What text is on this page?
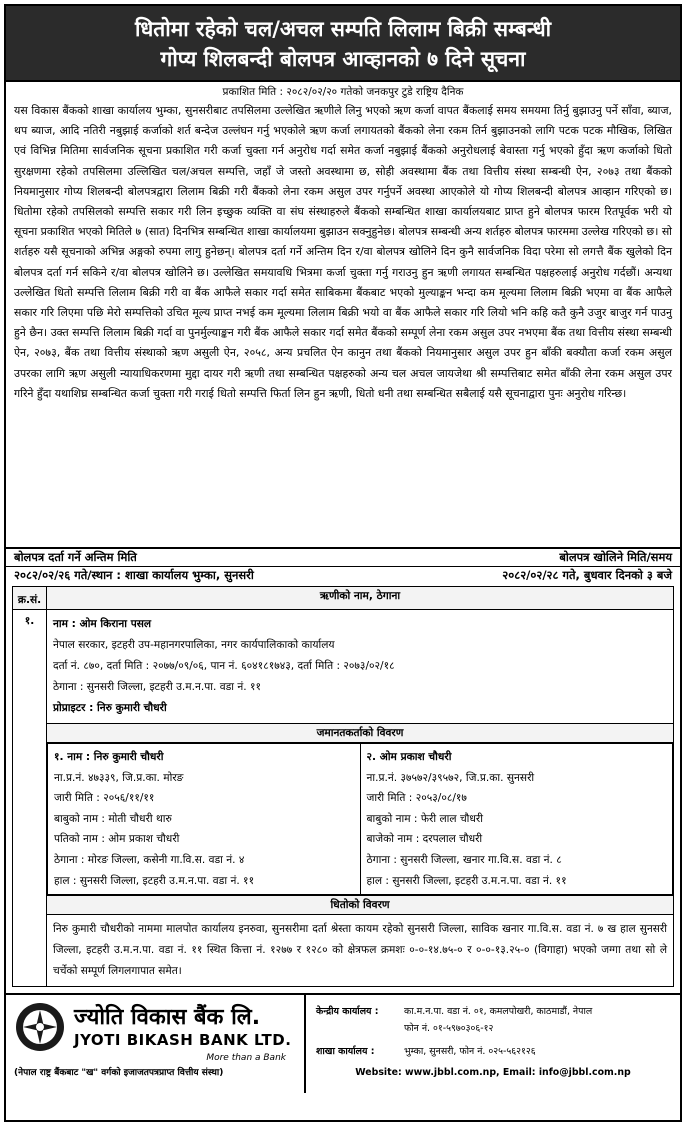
धितोमा रहेको चल/अचल सम्पति लिलाम बिक्री सम्बन्धी
गोप्य शिलबन्दी बोलपत्र आव्हानको ७ दिने सूचना
प्रकाशित मिति : २०८२/०२/२० गतेको जनकपुर टुडे राष्ट्रिय दैनिक
यस विकास बैंकको शाखा कार्यालय भुम्का, सुनसरीबाट तपसिलमा उल्लेखित ऋणीले लिनु भएको ऋण कर्जा वापत बैंकलाई समय समयमा तिर्नु बुझाउनु पर्ने साँवा, ब्याज, थप ब्याज, आदि नतिरी नबुझाई कर्जाको शर्त बन्देज उल्लंघन गर्नु भएकोले ऋण कर्जा लगायतको बैंकको लेना रकम तिर्न बुझाउनको लागि पटक पटक मौखिक, लिखित एवं विभिन्न मितिमा सार्वजनिक सूचना प्रकाशित गरी कर्जा चुक्ता गर्न अनुरोध गर्दा समेत कर्जा नबुझाई बैंकको अनुरोधलाई बेवास्ता गर्नु भएको हुँदा ऋण कर्जाको धितो सुरक्षणमा रहेको तपसिलमा उल्लिखित चल/अचल सम्पत्ति, जहाँ जे जस्तो अवस्थामा छ, सोही अवस्थामा बैंक तथा वित्तीय संस्था सम्बन्धी ऐन, २०७३ तथा बैंकको नियमानुसार गोप्य शिलबन्दी बोलपत्रद्वारा लिलाम बिक्री गरी बैंकको लेना रकम असुल उपर गर्नुपर्ने अवस्था आएकोले यो गोप्य शिलबन्दी बोलपत्र आव्हान गरिएको छ। धितोमा रहेको तपसिलको सम्पत्ति सकार गरी लिन इच्छुक व्यक्ति वा संघ संस्थाहरुले बैंकको सम्बन्धित शाखा कार्यालयबाट प्राप्त हुने बोलपत्र फारम रितपूर्वक भरी यो सूचना प्रकाशित भएको मितिले ७ (सात) दिनभित्र सम्बन्धित शाखा कार्यालयमा बुझाउन सक्नुहुनेछ। बोलपत्र सम्बन्धी अन्य शर्तहरु बोलपत्र फारममा उल्लेख गरिएको छ। सो शर्तहरु यसै सूचनाको अभिन्न अङ्गको रुपमा लागु हुनेछन्। बोलपत्र दर्ता गर्ने अन्तिम दिन र/वा बोलपत्र खोलिने दिन कुनै सार्वजनिक विदा परेमा सो लगत्तै बैंक खुलेको दिन बोलपत्र दर्ता गर्न सकिने र/वा बोलपत्र खोलिने छ। उल्लेखित समयावधि भित्रमा कर्जा चुक्ता गर्नु गराउनु हुन ऋणी लगायत सम्बन्धित पक्षहरुलाई अनुरोध गर्दछौं। अन्यथा उल्लेखित धितो सम्पत्ति लिलाम बिक्री गरी वा बैंक आफैले सकार गर्दा समेत साबिकमा बैंकबाट भएको मुल्याङ्कन भन्दा कम मूल्यमा लिलाम बिक्री भएमा वा बैंक आफैले सकार गरि लिएमा पछि मेरो सम्पत्तिको उचित मूल्य प्राप्त नभई कम मूल्यमा लिलाम बिक्री भयो वा बैंक आफैले सकार गरि लियो भनि कहि कतै कुनै उजुर बाजुर गर्न पाउनु हुने छैन। उक्त सम्पत्ति लिलाम बिक्री गर्दा वा पुनर्मुल्याङ्कन गरी बैंक आफैले सकार गर्दा समेत बैंकको सम्पूर्ण लेना रकम असुल उपर नभएमा बैंक तथा वित्तीय संस्था सम्बन्धी ऐन, २०७३, बैंक तथा वित्तीय संस्थाको ऋण असुली ऐन, २०५८, अन्य प्रचलित ऐन कानुन तथा बैंकको नियमानुसार असुल उपर हुन बाँकी बक्यौता कर्जा रकम असुल उपरका लागि ऋण असुली न्यायाधिकरणमा मुद्दा दायर गरी ऋणी तथा सम्बन्धित पक्षहरुको अन्य चल अचल जायजेथा श्री सम्पत्तिबाट समेत बाँकी लेना रकम असुल उपर गरिने हुँदा यथाशिघ्र सम्बन्धित कर्जा चुक्ता गरी गराई धितो सम्पत्ति फिर्ता लिन हुन ऋणी, धितो धनी तथा सम्बन्धित सबैलाई यसै सूचनाद्वारा पुनः अनुरोध गरिन्छ।
बोलपत्र दर्ता गर्ने अन्तिम मिति	बोलपत्र खोलिने मिति/समय
२०८२/०२/२६ गते/स्थान : शाखा कार्यालय भुम्का, सुनसरी	२०८२/०२/२८ गते, बुधवार दिनको ३ बजे
क्र.सं.	ऋणीको नाम, ठेगाना
१.	नाम : ओम किराना पसल
नेपाल सरकार, इटहरी उप-महानगरपालिका, नगर कार्यपालिकाको कार्यालय
दर्ता नं. ८७०, दर्ता मिति : २०७७/०९/०६, पान नं. ६०४१८१७४३, दर्ता मिति : २०७३/०२/१८
ठेगाना : सुनसरी जिल्ला, इटहरी उ.म.न.पा. वडा नं. ११
प्रोप्राइटर : निरु कुमारी चौधरी

जमानतकर्ताको विवरण

१. नाम : निरु कुमारी चौधरी
ना.प्र.नं. ४७३३९, जि.प्र.का. मोरङ
जारी मिति : २०५६/११/११
बाबुको नाम : मोती चौधरी थारु
पतिको नाम : ओम प्रकाश चौधरी
ठेगाना : मोरङ जिल्ला, कसेनी गा.वि.स. वडा नं. ४
हाल : सुनसरी जिल्ला, इटहरी उ.म.न.पा. वडा नं. ११

२. ओम प्रकाश चौधरी
ना.प्र.नं. ३७५७२/३९५७२, जि.प्र.का. सुनसरी
जारी मिति : २०५३/०८/१७
बाबुको नाम : फेरी लाल चौधरी
बाजेको नाम : दरपलाल चौधरी
ठेगाना : सुनसरी जिल्ला, खनार गा.वि.स. वडा नं. ८
हाल : सुनसरी जिल्ला, इटहरी उ.म.न.पा. वडा नं. ११

धितोको विवरण
निरु कुमारी चौधरीको नाममा मालपोत कार्यालय इनरुवा, सुनसरीमा दर्ता श्रेस्ता कायम रहेको सुनसरी जिल्ला, साविक खनार गा.वि.स. वडा नं. ७ ख हाल सुनसरी जिल्ला, इटहरी उ.म.न.पा. वडा नं. ११ स्थित कित्ता नं. १२७७ र १२८० को क्षेत्रफल क्रमशः ०-०-१४.७५-० र ०-०-१३.२५-० (विगाहा) भएको जग्गा तथा सो ले चर्चेको सम्पूर्ण लिगलगापात समेत।
ज्योति विकास बैंक लि.
JYOTI BIKASH BANK LTD.
More than a Bank
(नेपाल राष्ट्र बैंकबाट "ख" वर्गको इजाजतपत्रप्राप्त वित्तीय संस्था)
केन्द्रीय कार्यालय :	का.म.न.पा. वडा नं. ०१, कमलपोखरी, काठमाडौं, नेपाल
फोन नं. ०१-५९७०३०६-१२
शाखा कार्यालय :	भुम्का, सुनसरी, फोन नं. ०२५-५६२१२६
Website: www.jbbl.com.np, Email: info@jbbl.com.np
